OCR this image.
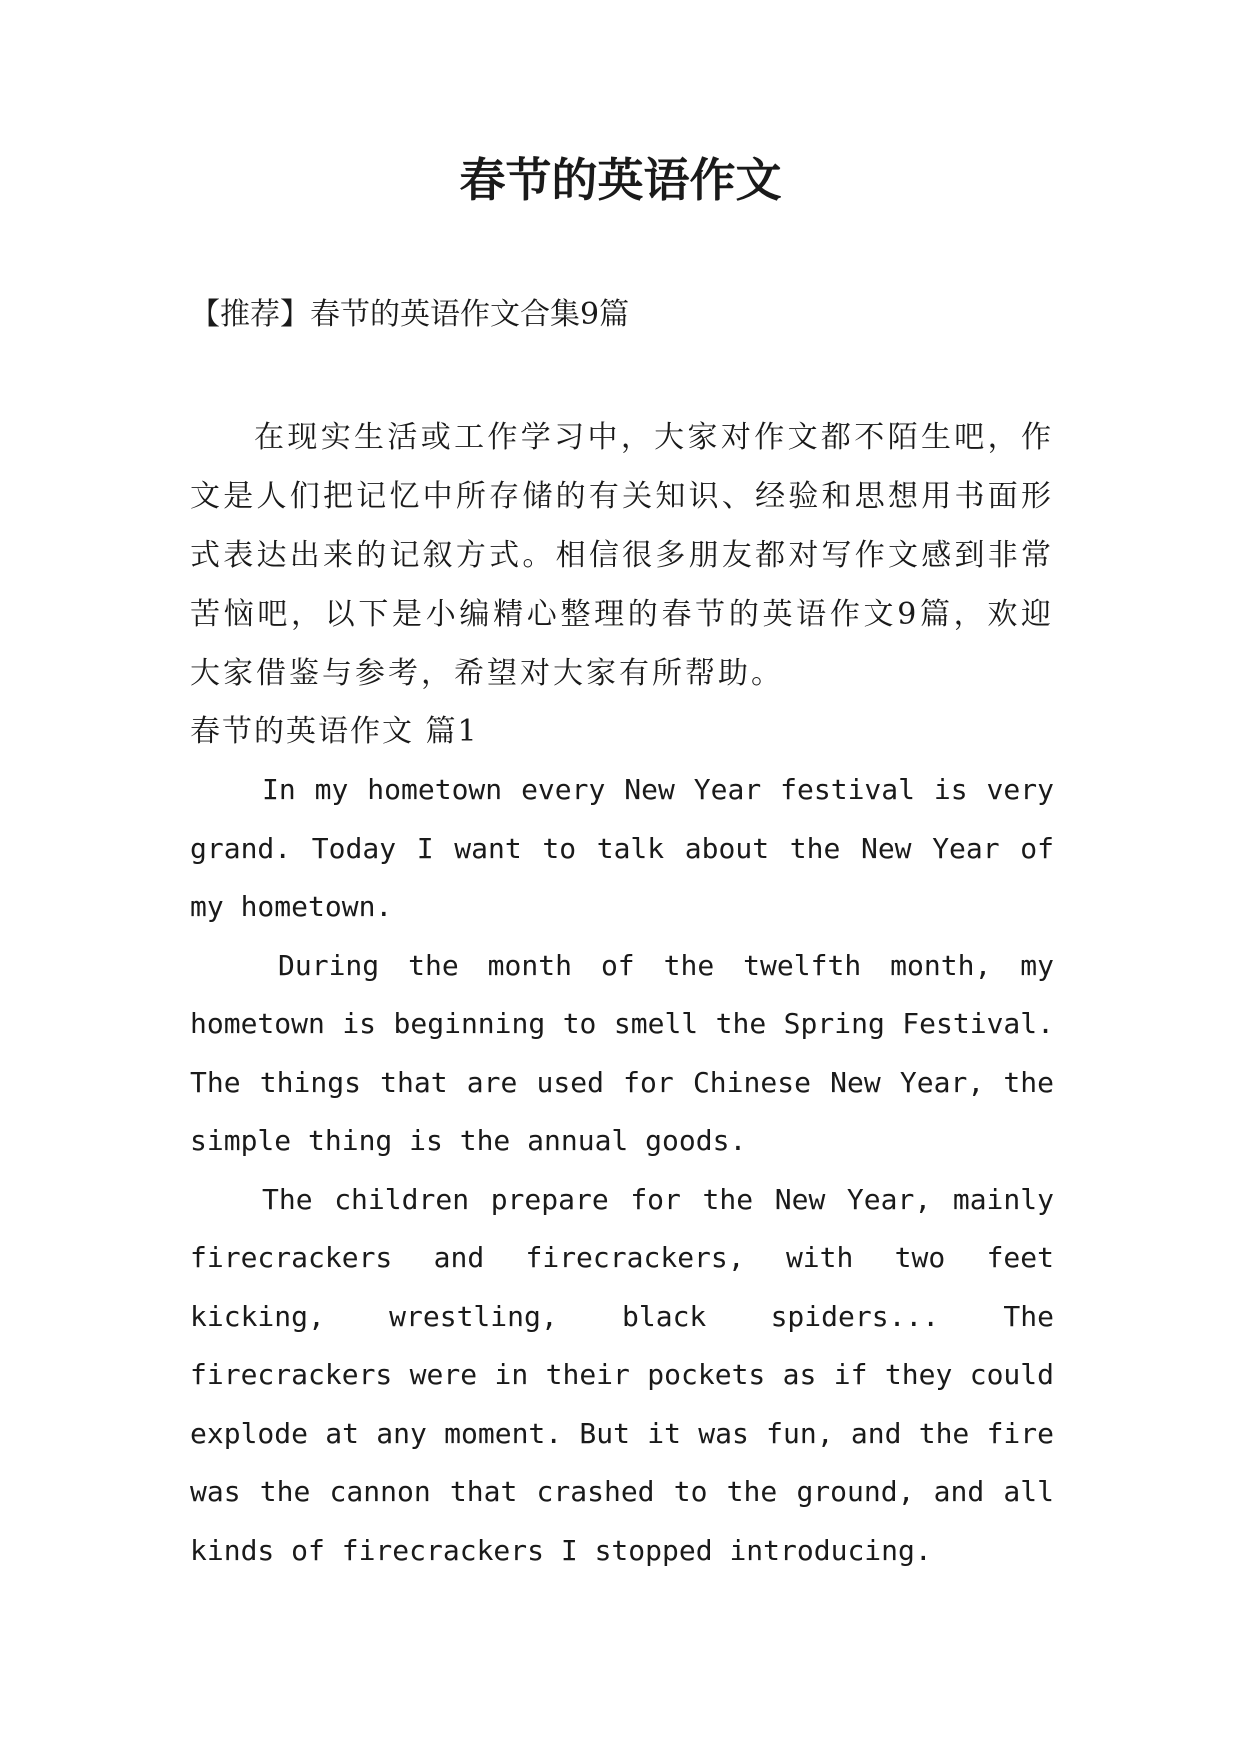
春节的英语作文

【推荐】春节的英语作文合集9篇

在现实生活或工作学习中，大家对作文都不陌生吧，作文是人们把记忆中所存储的有关知识、经验和思想用书面形式表达出来的记叙方式。相信很多朋友都对写作文感到非常苦恼吧，以下是小编精心整理的春节的英语作文9篇，欢迎大家借鉴与参考，希望对大家有所帮助。

春节的英语作文 篇1

In my hometown every New Year festival is very grand. Today I want to talk about the New Year of my hometown.

During the month of the twelfth month, my hometown is beginning to smell the Spring Festival. The things that are used for Chinese New Year, the simple thing is the annual goods.

The children prepare for the New Year, mainly firecrackers and firecrackers, with two feet kicking, wrestling, black spiders... The firecrackers were in their pockets as if they could explode at any moment. But it was fun, and the fire was the cannon that crashed to the ground, and all kinds of firecrackers I stopped introducing.
